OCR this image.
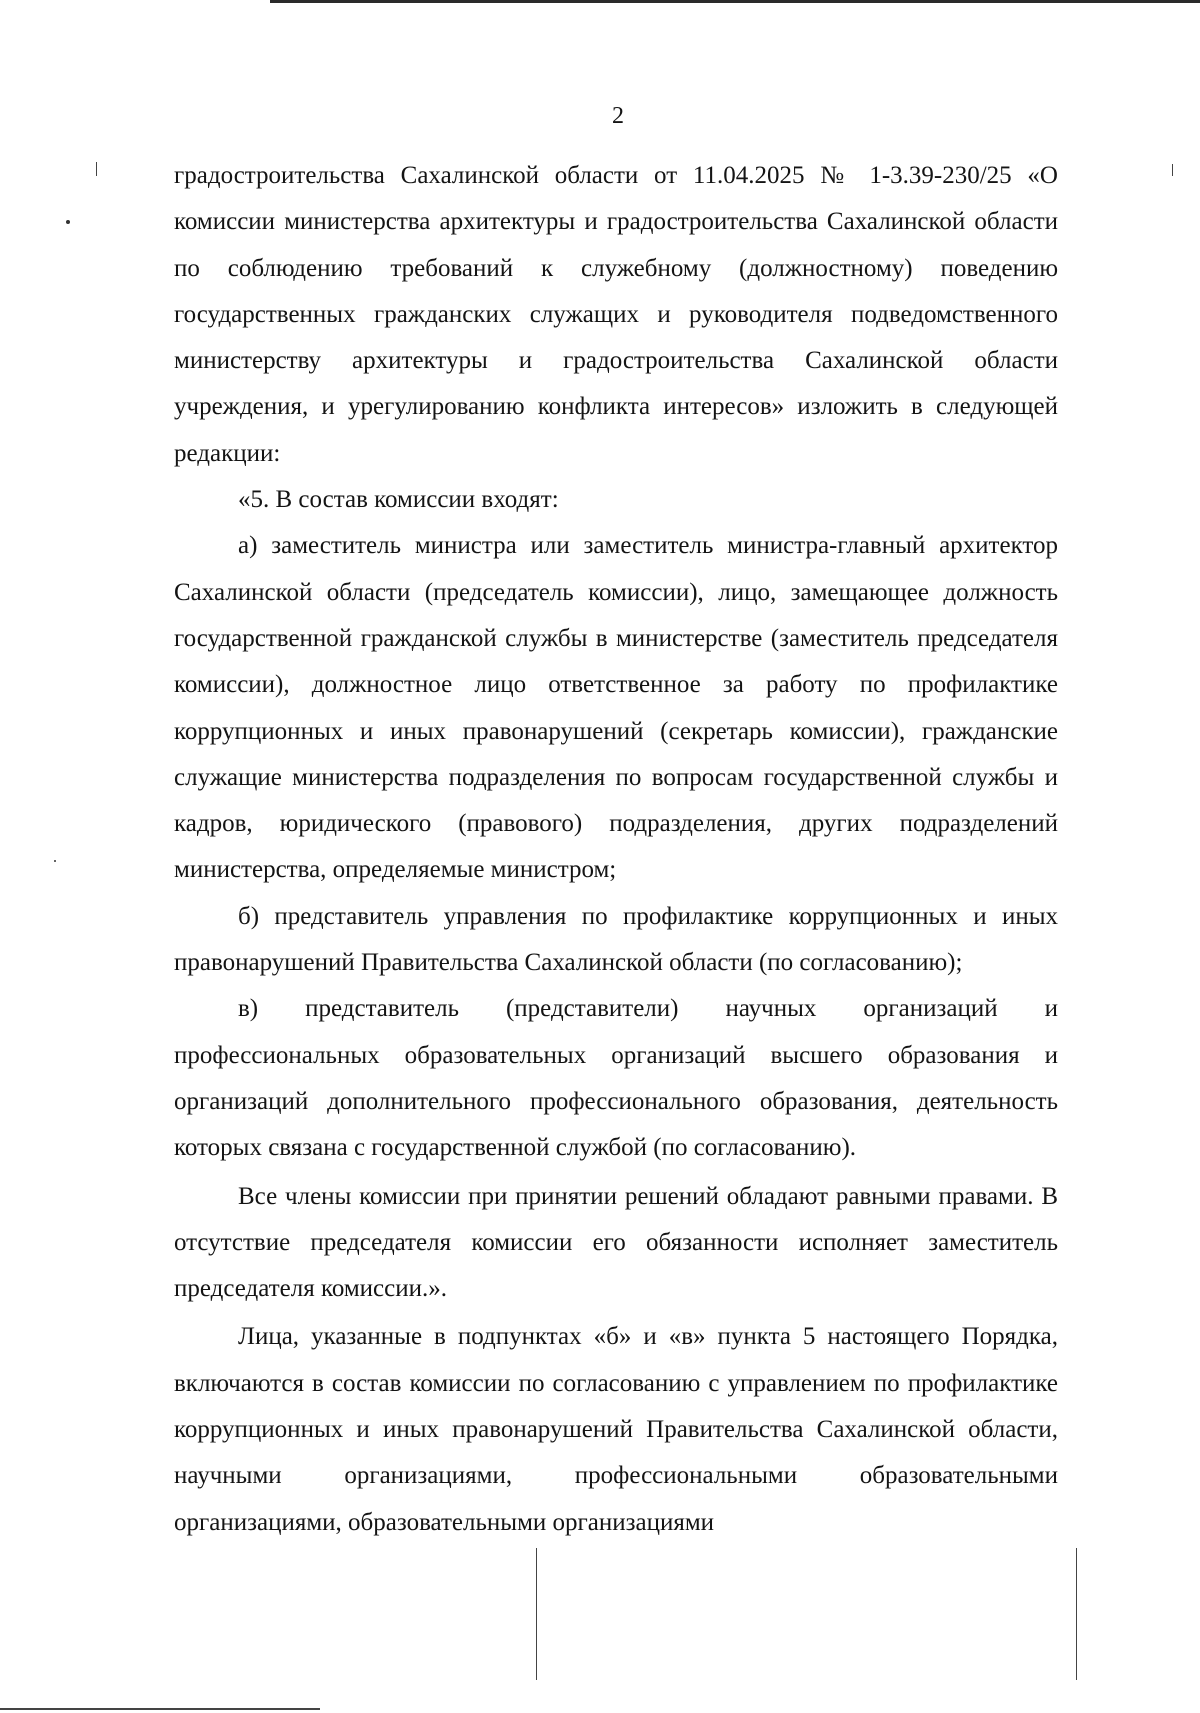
2

градостроительства Сахалинской области от 11.04.2025 № 1-3.39-230/25 «О комиссии министерства архитектуры и градостроительства Сахалинской области по соблюдению требований к служебному (должностному) поведению государственных гражданских служащих и руководителя подведомственного министерству архитектуры и градостроительства Сахалинской области учреждения, и урегулированию конфликта интересов» изложить в следующей редакции:

«5. В состав комиссии входят:

а) заместитель министра или заместитель министра-главный архитектор Сахалинской области (председатель комиссии), лицо, замещающее должность государственной гражданской службы в министерстве (заместитель председателя комиссии), должностное лицо ответственное за работу по профилактике коррупционных и иных правонарушений (секретарь комиссии), гражданские служащие министерства подразделения по вопросам государственной службы и кадров, юридического (правового) подразделения, других подразделений министерства, определяемые министром;

б) представитель управления по профилактике коррупционных и иных правонарушений Правительства Сахалинской области (по согласованию);

в) представитель (представители) научных организаций и профессиональных образовательных организаций высшего образования и организаций дополнительного профессионального образования, деятельность которых связана с государственной службой (по согласованию).

Все члены комиссии при принятии решений обладают равными правами. В отсутствие председателя комиссии его обязанности исполняет заместитель председателя комиссии.».

Лица, указанные в подпунктах «б» и «в» пункта 5 настоящего Порядка, включаются в состав комиссии по согласованию с управлением по профилактике коррупционных и иных правонарушений Правительства Сахалинской области, научными организациями, профессиональными образовательными организациями, образовательными организациями
